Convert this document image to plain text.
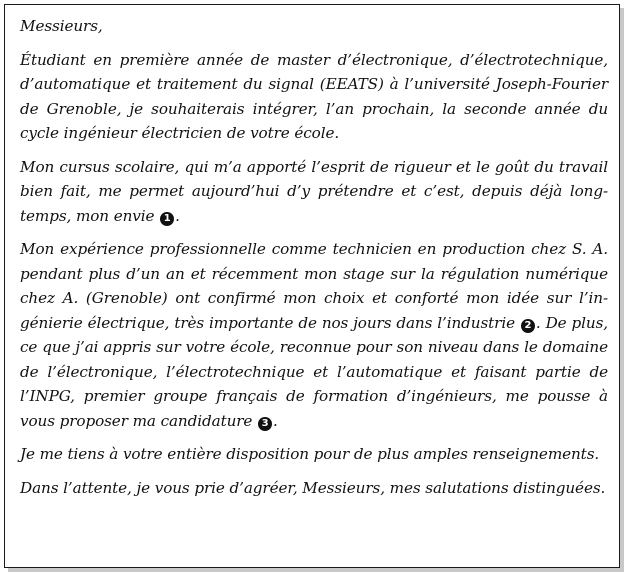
Messieurs,

Étudiant en première année de master d’électronique, d’électrotechnique, d’automatique et traitement du signal (EEATS) à l’université Joseph-Fourier de Grenoble, je souhaiterais intégrer, l’an prochain, la seconde année du cycle ingénieur électricien de votre école.

Mon cursus scolaire, qui m’a apporté l’esprit de rigueur et le goût du travail bien fait, me permet aujourd’hui d’y prétendre et c’est, depuis déjà long-temps, mon envie 1 .

Mon expérience professionnelle comme technicien en production chez S. A. pendant plus d’un an et récemment mon stage sur la régulation numérique chez A. (Grenoble) ont confirmé mon choix et conforté mon idée sur l’in-génierie électrique, très importante de nos jours dans l’industrie 2 . De plus, ce que j’ai appris sur votre école, reconnue pour son niveau dans le domaine de l’électronique, l’électrotechnique et l’automatique et faisant partie de l’INPG, premier groupe français de formation d’ingénieurs, me pousse à vous proposer ma candidature 3 .

Je me tiens à votre entière disposition pour de plus amples renseignements.

Dans l’attente, je vous prie d’agréer, Messieurs, mes salutations distinguées.
